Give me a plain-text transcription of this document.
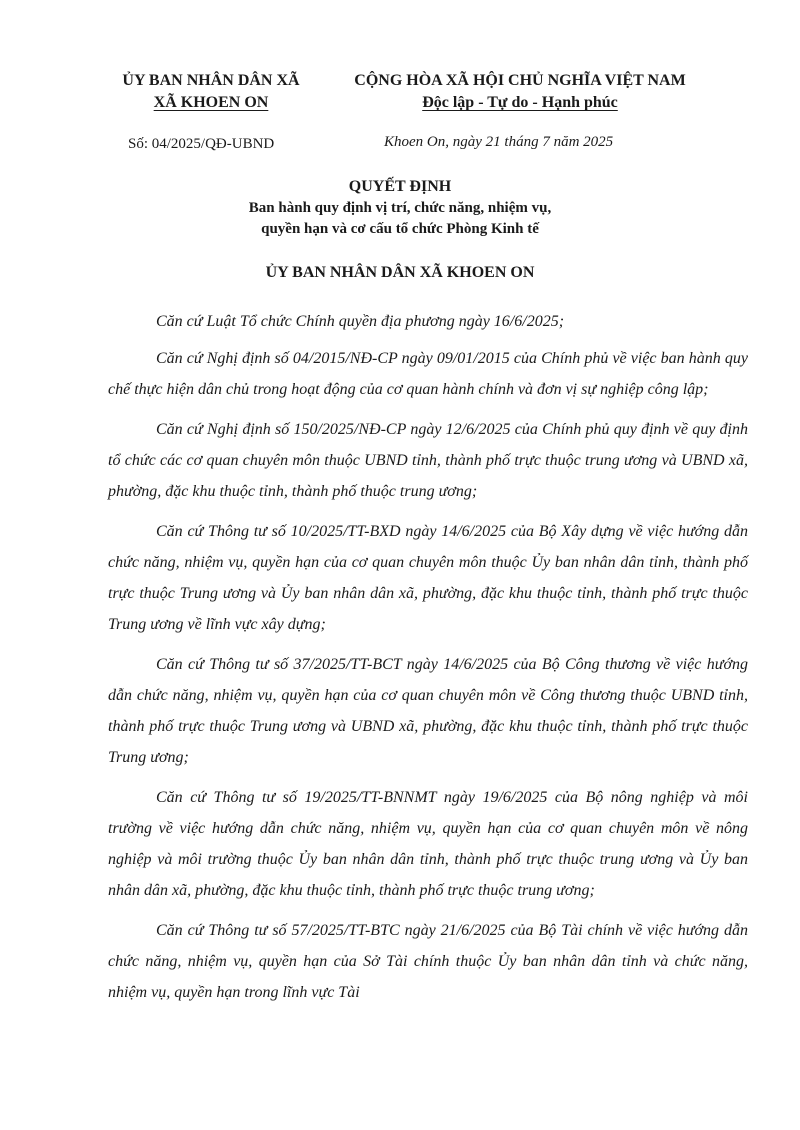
ỦY BAN NHÂN DÂN XÃ
XÃ KHOEN ON
CỘNG HÒA XÃ HỘI CHỦ NGHĨA VIỆT NAM
Độc lập - Tự do - Hạnh phúc
Số: 04/2025/QĐ-UBND	Khoen On, ngày 21 tháng 7 năm 2025
QUYẾT ĐỊNH
Ban hành quy định vị trí, chức năng, nhiệm vụ,
quyền hạn và cơ cấu tổ chức Phòng Kinh tế
ỦY BAN NHÂN DÂN XÃ KHOEN ON

Căn cứ Luật Tổ chức Chính quyền địa phương ngày 16/6/2025;

Căn cứ Nghị định số 04/2015/NĐ-CP ngày 09/01/2015 của Chính phủ về việc ban hành quy chế thực hiện dân chủ trong hoạt động của cơ quan hành chính và đơn vị sự nghiệp công lập;

Căn cứ Nghị định số 150/2025/NĐ-CP ngày 12/6/2025 của Chính phủ quy định về quy định tổ chức các cơ quan chuyên môn thuộc UBND tỉnh, thành phố trực thuộc trung ương và UBND xã, phường, đặc khu thuộc tỉnh, thành phố thuộc trung ương;

Căn cứ Thông tư số 10/2025/TT-BXD ngày 14/6/2025 của Bộ Xây dựng về việc hướng dẫn chức năng, nhiệm vụ, quyền hạn của cơ quan chuyên môn thuộc Ủy ban nhân dân tỉnh, thành phố trực thuộc Trung ương và Ủy ban nhân dân xã, phường, đặc khu thuộc tỉnh, thành phố trực thuộc Trung ương về lĩnh vực xây dựng;

Căn cứ Thông tư số 37/2025/TT-BCT ngày 14/6/2025 của Bộ Công thương về việc hướng dẫn chức năng, nhiệm vụ, quyền hạn của cơ quan chuyên môn về Công thương thuộc UBND tỉnh, thành phố trực thuộc Trung ương và UBND xã, phường, đặc khu thuộc tỉnh, thành phố trực thuộc Trung ương;

Căn cứ Thông tư số 19/2025/TT-BNNMT ngày 19/6/2025 của Bộ nông nghiệp và môi trường về việc hướng dẫn chức năng, nhiệm vụ, quyền hạn của cơ quan chuyên môn về nông nghiệp và môi trường thuộc Ủy ban nhân dân tỉnh, thành phố trực thuộc trung ương và Ủy ban nhân dân xã, phường, đặc khu thuộc tỉnh, thành phố trực thuộc trung ương;

Căn cứ Thông tư số 57/2025/TT-BTC ngày 21/6/2025 của Bộ Tài chính về việc hướng dẫn chức năng, nhiệm vụ, quyền hạn của Sở Tài chính thuộc Ủy ban nhân dân tỉnh và chức năng, nhiệm vụ, quyền hạn trong lĩnh vực Tài
